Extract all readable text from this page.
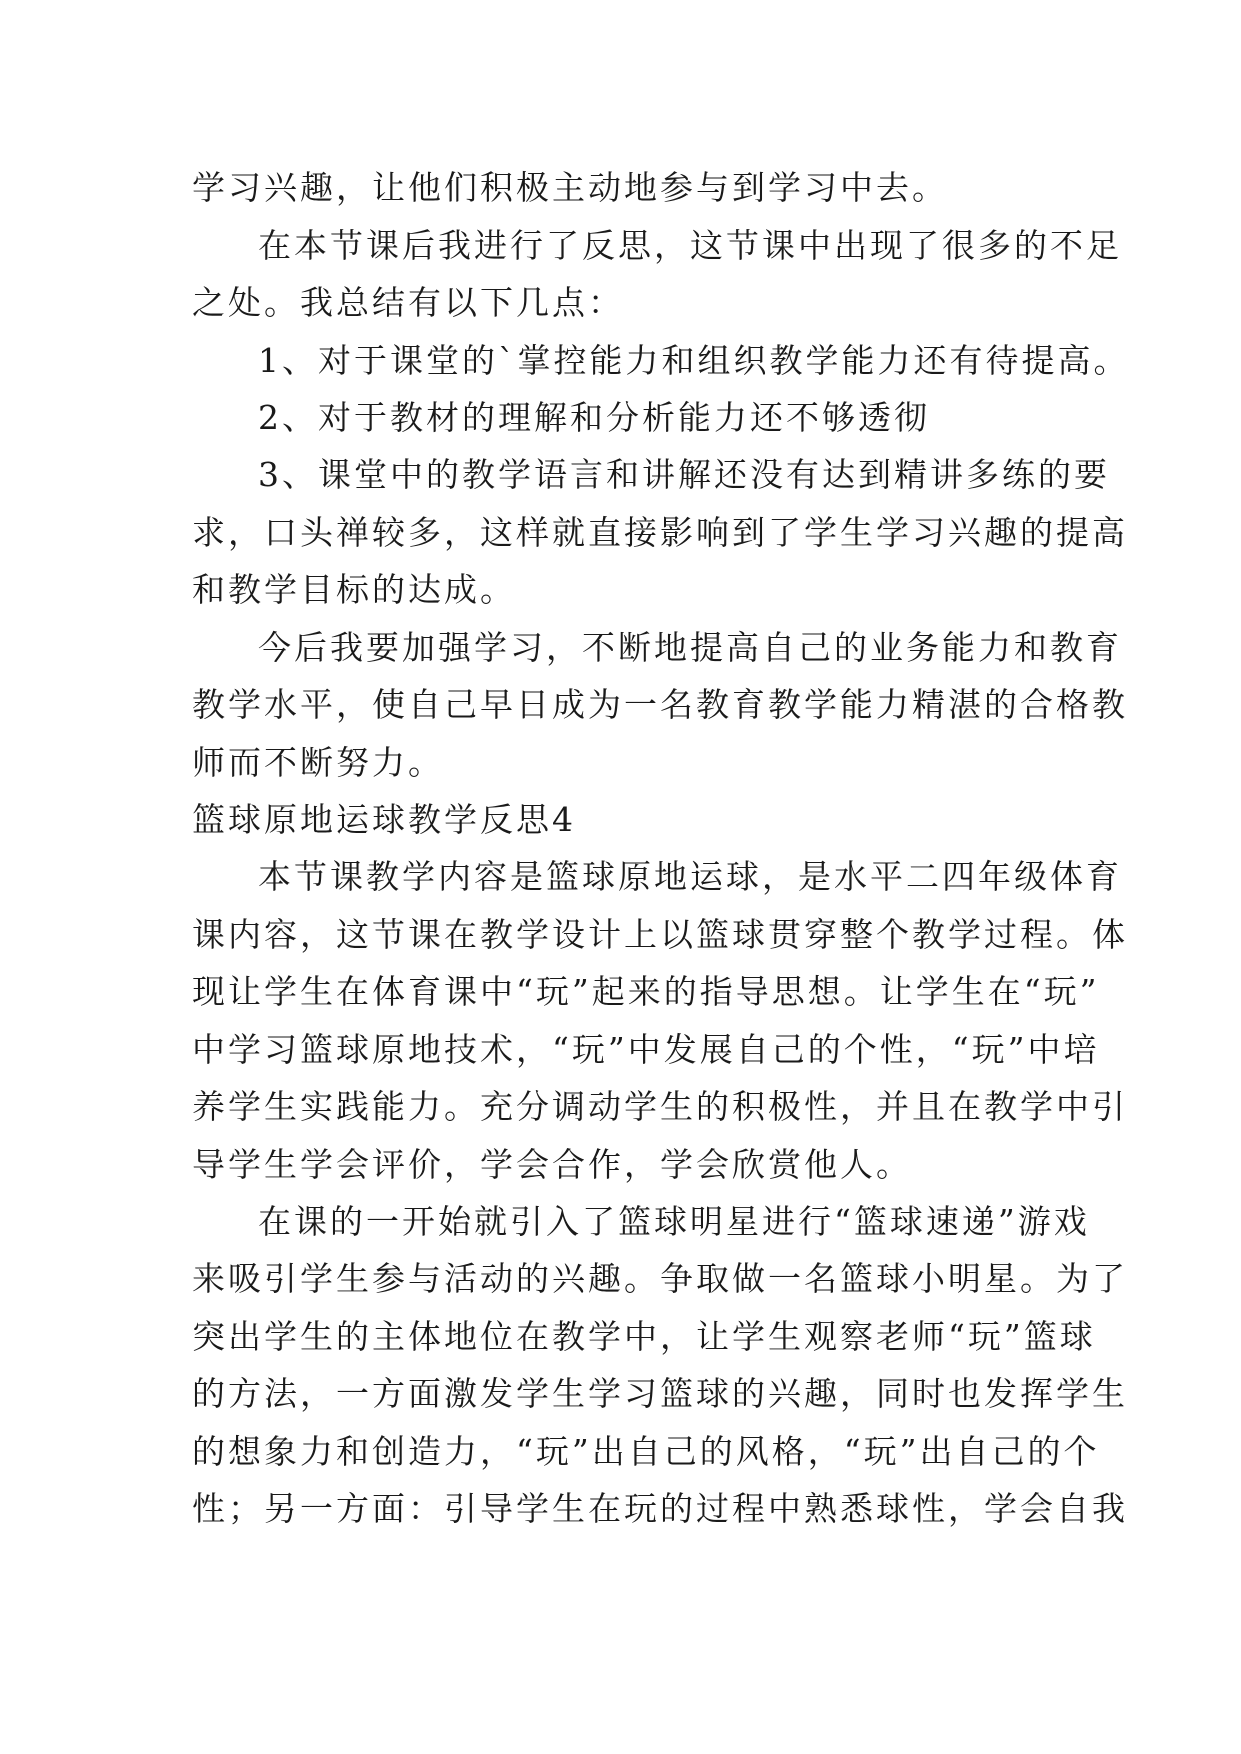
学习兴趣，让他们积极主动地参与到学习中去。
在本节课后我进行了反思，这节课中出现了很多的不足
之处。我总结有以下几点：
1、对于课堂的`掌控能力和组织教学能力还有待提高。
2、对于教材的理解和分析能力还不够透彻
3、课堂中的教学语言和讲解还没有达到精讲多练的要
求，口头禅较多，这样就直接影响到了学生学习兴趣的提高
和教学目标的达成。
今后我要加强学习，不断地提高自己的业务能力和教育
教学水平，使自己早日成为一名教育教学能力精湛的合格教
师而不断努力。
篮球原地运球教学反思4
本节课教学内容是篮球原地运球，是水平二四年级体育
课内容，这节课在教学设计上以篮球贯穿整个教学过程。体
现让学生在体育课中“玩”起来的指导思想。让学生在“玩”
中学习篮球原地技术，“玩”中发展自己的个性，“玩”中培
养学生实践能力。充分调动学生的积极性，并且在教学中引
导学生学会评价，学会合作，学会欣赏他人。
在课的一开始就引入了篮球明星进行“篮球速递”游戏
来吸引学生参与活动的兴趣。争取做一名篮球小明星。为了
突出学生的主体地位在教学中，让学生观察老师“玩”篮球
的方法，一方面激发学生学习篮球的兴趣，同时也发挥学生
的想象力和创造力，“玩”出自己的风格，“玩”出自己的个
性；另一方面：引导学生在玩的过程中熟悉球性，学会自我
